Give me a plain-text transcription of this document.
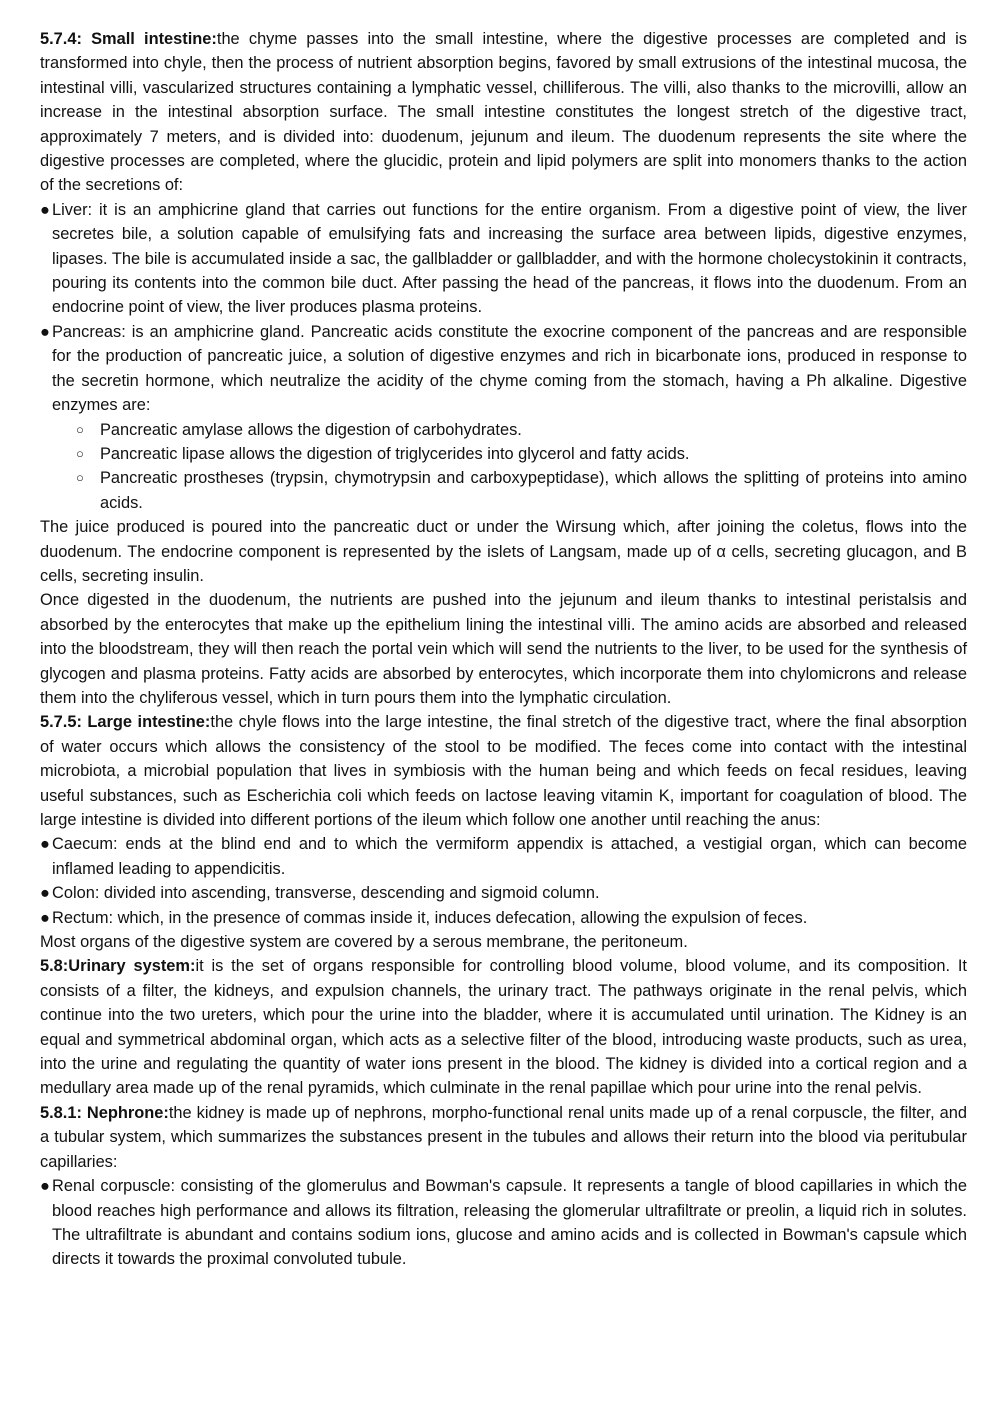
5.7.4: Small intestine:the chyme passes into the small intestine, where the digestive processes are completed and is transformed into chyle, then the process of nutrient absorption begins, favored by small extrusions of the intestinal mucosa, the intestinal villi, vascularized structures containing a lymphatic vessel, chilliferous. The villi, also thanks to the microvilli, allow an increase in the intestinal absorption surface. The small intestine constitutes the longest stretch of the digestive tract, approximately 7 meters, and is divided into: duodenum, jejunum and ileum. The duodenum represents the site where the digestive processes are completed, where the glucidic, protein and lipid polymers are split into monomers thanks to the action of the secretions of:

● Liver: it is an amphicrine gland that carries out functions for the entire organism. From a digestive point of view, the liver secretes bile, a solution capable of emulsifying fats and increasing the surface area between lipids, digestive enzymes, lipases. The bile is accumulated inside a sac, the gallbladder or gallbladder, and with the hormone cholecystokinin it contracts, pouring its contents into the common bile duct. After passing the head of the pancreas, it flows into the duodenum. From an endocrine point of view, the liver produces plasma proteins.
● Pancreas: is an amphicrine gland. Pancreatic acids constitute the exocrine component of the pancreas and are responsible for the production of pancreatic juice, a solution of digestive enzymes and rich in bicarbonate ions, produced in response to the secretin hormone, which neutralize the acidity of the chyme coming from the stomach, having a Ph alkaline. Digestive enzymes are:
○ Pancreatic amylase allows the digestion of carbohydrates.
○ Pancreatic lipase allows the digestion of triglycerides into glycerol and fatty acids.
○ Pancreatic prostheses (trypsin, chymotrypsin and carboxypeptidase), which allows the splitting of proteins into amino acids.

The juice produced is poured into the pancreatic duct or under the Wirsung which, after joining the coletus, flows into the duodenum. The endocrine component is represented by the islets of Langsam, made up of α cells, secreting glucagon, and B cells, secreting insulin.

Once digested in the duodenum, the nutrients are pushed into the jejunum and ileum thanks to intestinal peristalsis and absorbed by the enterocytes that make up the epithelium lining the intestinal villi. The amino acids are absorbed and released into the bloodstream, they will then reach the portal vein which will send the nutrients to the liver, to be used for the synthesis of glycogen and plasma proteins. Fatty acids are absorbed by enterocytes, which incorporate them into chylomicrons and release them into the chyliferous vessel, which in turn pours them into the lymphatic circulation.

5.7.5: Large intestine:the chyle flows into the large intestine, the final stretch of the digestive tract, where the final absorption of water occurs which allows the consistency of the stool to be modified. The feces come into contact with the intestinal microbiota, a microbial population that lives in symbiosis with the human being and which feeds on fecal residues, leaving useful substances, such as Escherichia coli which feeds on lactose leaving vitamin K, important for coagulation of blood. The large intestine is divided into different portions of the ileum which follow one another until reaching the anus:

● Caecum: ends at the blind end and to which the vermiform appendix is attached, a vestigial organ, which can become inflamed leading to appendicitis.
● Colon: divided into ascending, transverse, descending and sigmoid column.
● Rectum: which, in the presence of commas inside it, induces defecation, allowing the expulsion of feces.

Most organs of the digestive system are covered by a serous membrane, the peritoneum.

5.8:Urinary system:it is the set of organs responsible for controlling blood volume, blood volume, and its composition. It consists of a filter, the kidneys, and expulsion channels, the urinary tract. The pathways originate in the renal pelvis, which continue into the two ureters, which pour the urine into the bladder, where it is accumulated until urination. The Kidney is an equal and symmetrical abdominal organ, which acts as a selective filter of the blood, introducing waste products, such as urea, into the urine and regulating the quantity of water ions present in the blood. The kidney is divided into a cortical region and a medullary area made up of the renal pyramids, which culminate in the renal papillae which pour urine into the renal pelvis.

5.8.1: Nephrone:the kidney is made up of nephrons, morpho-functional renal units made up of a renal corpuscle, the filter, and a tubular system, which summarizes the substances present in the tubules and allows their return into the blood via peritubular capillaries:

● Renal corpuscle: consisting of the glomerulus and Bowman's capsule. It represents a tangle of blood capillaries in which the blood reaches high performance and allows its filtration, releasing the glomerular ultrafiltrate or preolin, a liquid rich in solutes. The ultrafiltrate is abundant and contains sodium ions, glucose and amino acids and is collected in Bowman's capsule which directs it towards the proximal convoluted tubule.
